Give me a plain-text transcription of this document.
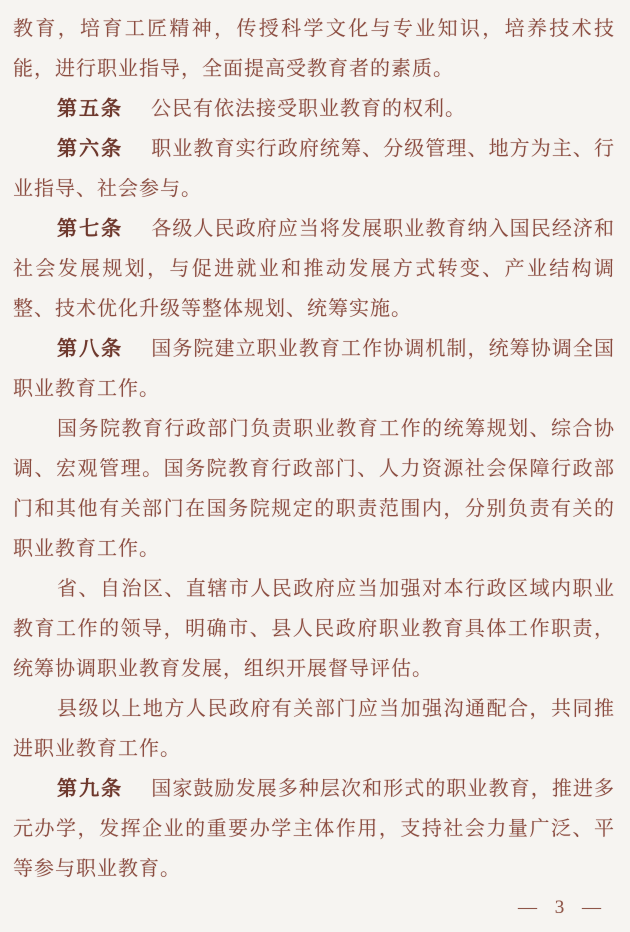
教育，培育工匠精神，传授科学文化与专业知识，培养技术技
能，进行职业指导，全面提高受教育者的素质。
第五条 公民有依法接受职业教育的权利。
第六条 职业教育实行政府统筹、分级管理、地方为主、行
业指导、社会参与。
第七条 各级人民政府应当将发展职业教育纳入国民经济和
社会发展规划，与促进就业和推动发展方式转变、产业结构调
整、技术优化升级等整体规划、统筹实施。
第八条 国务院建立职业教育工作协调机制，统筹协调全国
职业教育工作。
国务院教育行政部门负责职业教育工作的统筹规划、综合协
调、宏观管理。国务院教育行政部门、人力资源社会保障行政部
门和其他有关部门在国务院规定的职责范围内，分别负责有关的
职业教育工作。
省、自治区、直辖市人民政府应当加强对本行政区域内职业
教育工作的领导，明确市、县人民政府职业教育具体工作职责，
统筹协调职业教育发展，组织开展督导评估。
县级以上地方人民政府有关部门应当加强沟通配合，共同推
进职业教育工作。
第九条 国家鼓励发展多种层次和形式的职业教育，推进多
元办学，发挥企业的重要办学主体作用，支持社会力量广泛、平
等参与职业教育。
— 3 —
